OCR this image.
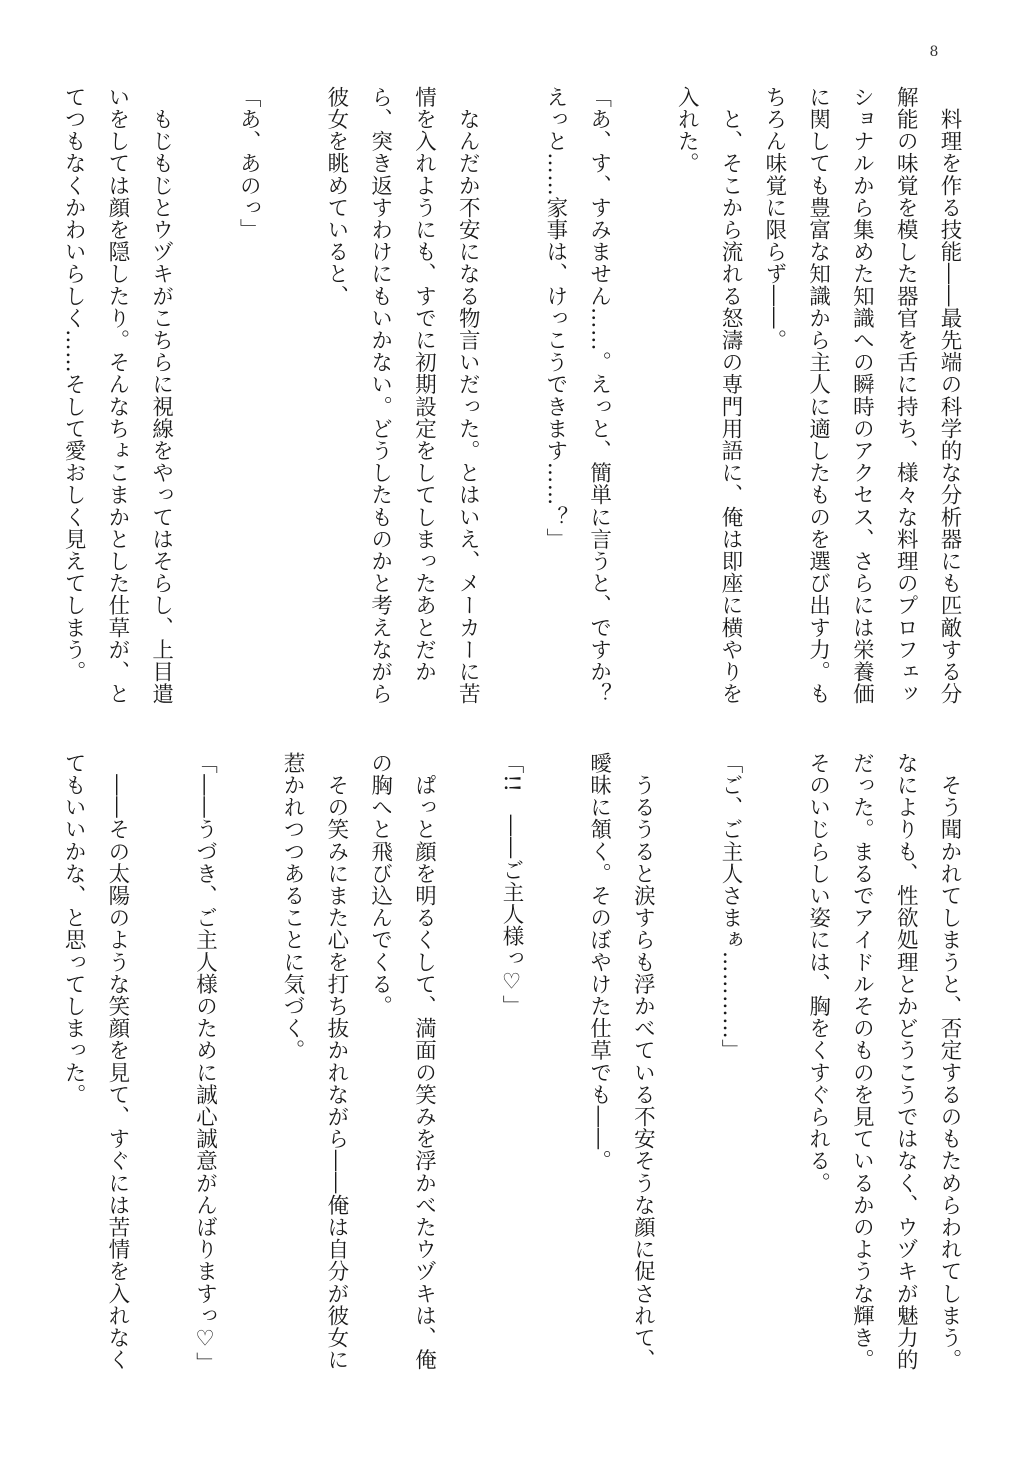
8

　料理を作る技能――最先端の科学的な分析器にも匹敵する分解能の味覚を模した器官を舌に持ち、様々な料理のプロフェッショナルから集めた知識への瞬時のアクセス、さらには栄養価に関しても豊富な知識から主人に適したものを選び出す力。もちろん味覚に限らず――。

　と、そこから流れる怒濤の専門用語に、俺は即座に横やりを入れた。

「あ、す、すみません……。えっと、簡単に言うと、ですか？　えっと……家事は、けっこうできます……？」

　なんだか不安になる物言いだった。とはいえ、メーカーに苦情を入れようにも、すでに初期設定をしてしまったあとだから、突き返すわけにもいかない。どうしたものかと考えながら彼女を眺めていると、

「あ、あのっ」

　もじもじとウヅキがこちらに視線をやってはそらし、上目遣いをしては顔を隠したり。そんなちょこまかとした仕草が、とてつもなくかわいらしく……そして愛おしく見えてしまう。

　そう聞かれてしまうと、否定するのもためらわれてしまう。なによりも、性欲処理とかどうこうではなく、ウヅキが魅力的だった。まるでアイドルそのものを見ているかのような輝き。そのいじらしい姿には、胸をくすぐられる。

「ご、ご主人さまぁ…………」

　うるうると涙すらも浮かべている不安そうな顔に促されて、曖昧に頷く。そのぼやけた仕草でも――。

「!!　――ご主人様っ♡」

　ぱっと顔を明るくして、満面の笑みを浮かべたウヅキは、俺の胸へと飛び込んでくる。

　その笑みにまた心を打ち抜かれながら――俺は自分が彼女に惹かれつつあることに気づく。

「――うづき、ご主人様のために誠心誠意がんばりますっ♡」

　――その太陽のような笑顔を見て、すぐには苦情を入れなくてもいいかな、と思ってしまった。
